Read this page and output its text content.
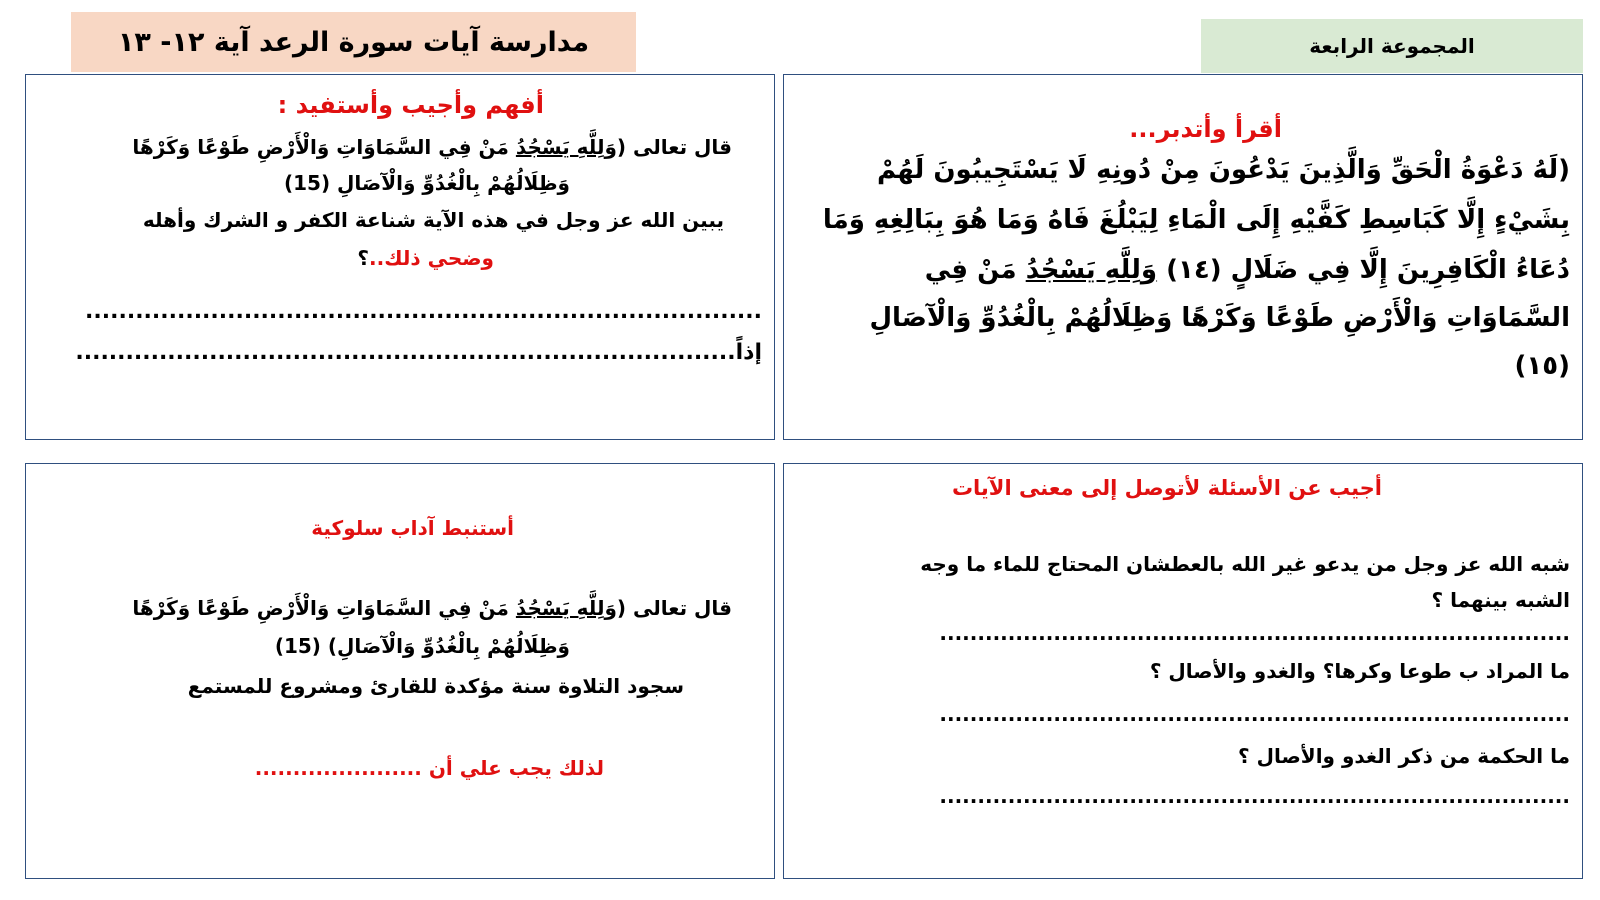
مدارسة آيات سورة الرعد آية ١٢- ١٣	المجموعة الرابعة
أقرأ وأتدبر...
(لَهُ دَعْوَةُ الْحَقِّ وَالَّذِينَ يَدْعُونَ مِنْ دُونِهِ لَا يَسْتَجِيبُونَ لَهُمْ
بِشَيْءٍ إِلَّا كَبَاسِطِ كَفَّيْهِ إِلَى الْمَاءِ لِيَبْلُغَ فَاهُ وَمَا هُوَ بِبَالِغِهِ وَمَا
دُعَاءُ الْكَافِرِينَ إِلَّا فِي ضَلَالٍ (١٤) وَلِلَّهِ يَسْجُدُ مَنْ فِي
السَّمَاوَاتِ وَالْأَرْضِ طَوْعًا وَكَرْهًا وَظِلَالُهُمْ بِالْغُدُوِّ وَالْآصَالِ
(١٥)
أفهم وأجيب وأستفيد :
قال تعالى (وَلِلَّهِ يَسْجُدُ مَنْ فِي السَّمَاوَاتِ وَالْأَرْضِ طَوْعًا وَكَرْهًا
وَظِلَالُهُمْ بِالْغُدُوِّ وَالْآصَالِ (15)
يبين الله عز وجل في هذه الآية شناعة الكفر و الشرك وأهله
وضحي ذلك..؟
.................................................................................
إذاً...............................................................................
أجيب عن الأسئلة لأتوصل إلى معنى الآيات
شبه الله عز وجل من يدعو غير الله بالعطشان المحتاج للماء ما وجه
الشبه بينهما ؟
...................................................................................
ما المراد ب طوعا وكرها؟ والغدو والأصال ؟
...................................................................................
ما الحكمة من ذكر الغدو والأصال ؟
...................................................................................
أستنبط آداب سلوكية
قال تعالى (وَلِلَّهِ يَسْجُدُ مَنْ فِي السَّمَاوَاتِ وَالْأَرْضِ طَوْعًا وَكَرْهًا
وَظِلَالُهُمْ بِالْغُدُوِّ وَالْآصَالِ) (15)
سجود التلاوة سنة مؤكدة للقارئ ومشروع للمستمع
لذلك يجب علي أن ......................
